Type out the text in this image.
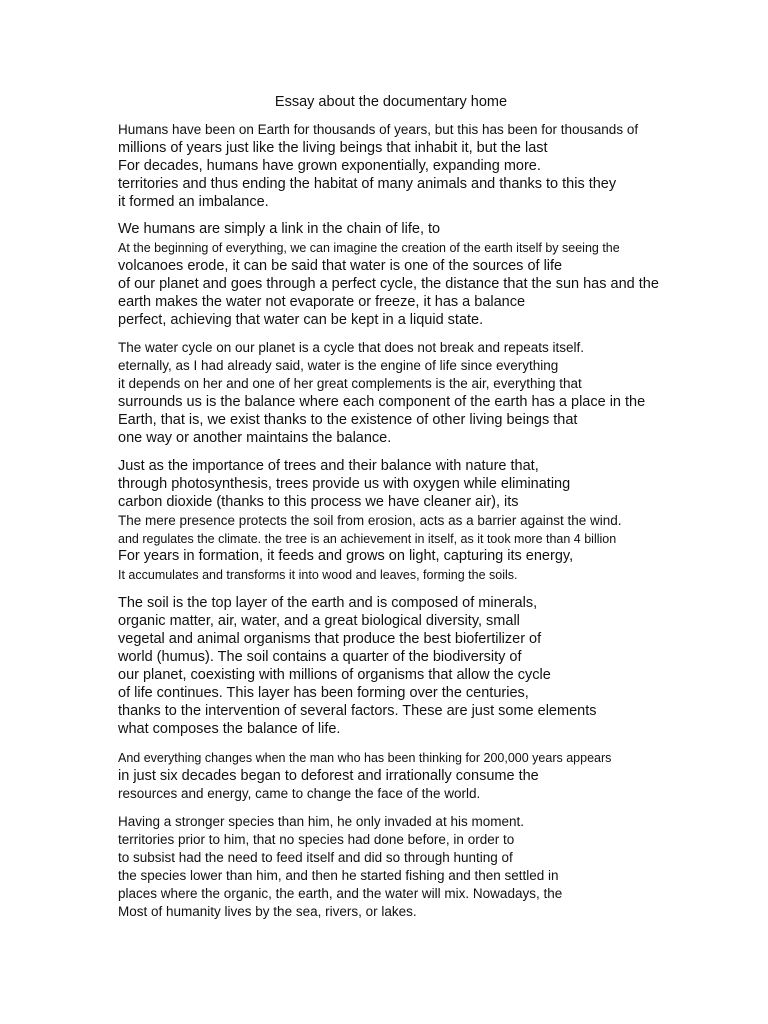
Essay about the documentary home
Humans have been on Earth for thousands of years, but this has been for thousands of
millions of years just like the living beings that inhabit it, but the last
For decades, humans have grown exponentially, expanding more.
territories and thus ending the habitat of many animals and thanks to this they
it formed an imbalance.
We humans are simply a link in the chain of life, to
At the beginning of everything, we can imagine the creation of the earth itself by seeing the
volcanoes erode, it can be said that water is one of the sources of life
of our planet and goes through a perfect cycle, the distance that the sun has and the
earth makes the water not evaporate or freeze, it has a balance
perfect, achieving that water can be kept in a liquid state.
The water cycle on our planet is a cycle that does not break and repeats itself.
eternally, as I had already said, water is the engine of life since everything
it depends on her and one of her great complements is the air, everything that
surrounds us is the balance where each component of the earth has a place in the
Earth, that is, we exist thanks to the existence of other living beings that
one way or another maintains the balance.
Just as the importance of trees and their balance with nature that,
through photosynthesis, trees provide us with oxygen while eliminating
carbon dioxide (thanks to this process we have cleaner air), its
The mere presence protects the soil from erosion, acts as a barrier against the wind.
and regulates the climate. the tree is an achievement in itself, as it took more than 4 billion
For years in formation, it feeds and grows on light, capturing its energy,
It accumulates and transforms it into wood and leaves, forming the soils.
The soil is the top layer of the earth and is composed of minerals,
organic matter, air, water, and a great biological diversity, small
vegetal and animal organisms that produce the best biofertilizer of
world (humus). The soil contains a quarter of the biodiversity of
our planet, coexisting with millions of organisms that allow the cycle
of life continues. This layer has been forming over the centuries,
thanks to the intervention of several factors. These are just some elements
what composes the balance of life.
And everything changes when the man who has been thinking for 200,000 years appears
in just six decades began to deforest and irrationally consume the
resources and energy, came to change the face of the world.
Having a stronger species than him, he only invaded at his moment.
territories prior to him, that no species had done before, in order to
to subsist had the need to feed itself and did so through hunting of
the species lower than him, and then he started fishing and then settled in
places where the organic, the earth, and the water will mix. Nowadays, the
Most of humanity lives by the sea, rivers, or lakes.
